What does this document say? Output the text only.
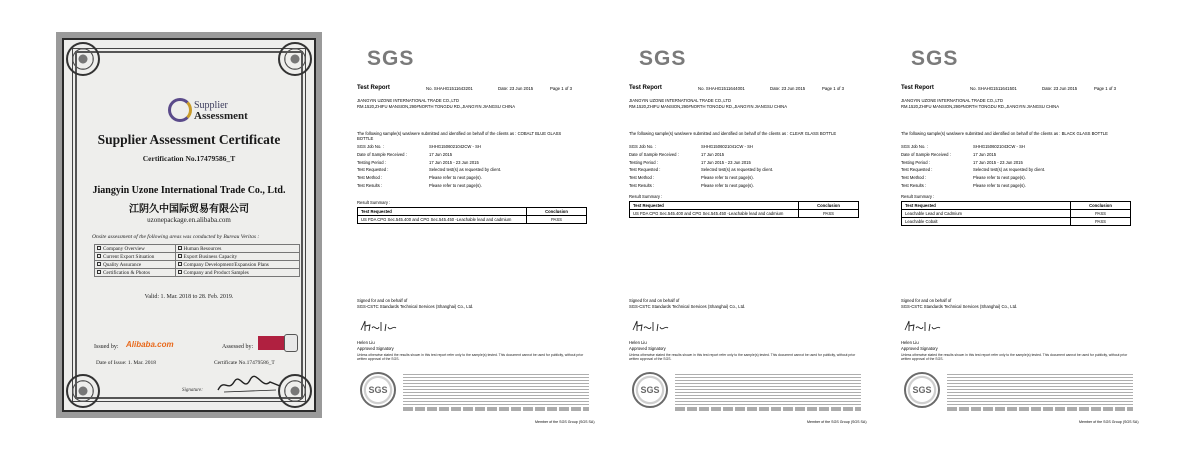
Supplier
Assessment
Supplier Assessment Certificate
Certification No.17479586_T
Jiangyin Uzone International Trade Co., Ltd.
江阴久中国际贸易有限公司
uzonepackage.en.alibaba.com
Onsite assessment of the following areas was conducted by Bureau Veritas :
Company Overview	Human Resources
Current Export Situation	Export Business Capacity
Quality Assurance	Company Development/Expansion Plans
Certification & Photos	Company and Product Samples
Valid: 1. Mar. 2018 to 28. Feb. 2019.
Issued by: Alibaba.com	Assessed by:
Date of Issue: 1. Mar. 2018	Certificate No.17479586_T
Signature:
SGS
Test Report	No. SHAHG1511643201	Date: 23 Jun 2015	Page 1 of 3
JIANGYIN UZONE INTERNATIONAL TRADE CO.,LTD
RM.1520,ZHIFU MANSION,290#NORTH TONGDU RD.,JIANGYIN JIANGSU CHINA
The following sample(s) was/were submitted and identified on behalf of the clients as : COBALT BLUE GLASS BOTTLE
SGS Job No. :	SHHG1506021042CW - SH
Date of Sample Received :	17 Jun 2015
Testing Period :	17 Jun 2015 - 23 Jun 2015
Test Requested :	Selected test(s) as requested by client.
Test Method :	Please refer to next page(s).
Test Results :	Please refer to next page(s).
Result Summary :
Test Requested	Conclusion
US FDA CPG Sec.545.400 and CPG Sec.545.450 -Leachable lead and cadmium	PASS
Signed for and on behalf of
SGS-CSTC Standards Technical Services (Shanghai) Co., Ltd.
Helen Liu
Approved Signatory
Unless otherwise stated the results shown in this test report refer only to the sample(s) tested. This document cannot be used for publicity, without prior written approval of the SGS.
SGS
Member of the SGS Group (SGS SA)
SGS
Test Report	No. SHAHG1511644001	Date: 23 Jun 2015	Page 1 of 3
JIANGYIN UZONE INTERNATIONAL TRADE CO.,LTD
RM.1520,ZHIFU MANSION,290#NORTH TONGDU RD.,JIANGYIN JIANGSU CHINA
The following sample(s) was/were submitted and identified on behalf of the clients as : CLEAR GLASS BOTTLE
SGS Job No. :	SHHG1506021041CW - SH
Date of Sample Received :	17 Jun 2015
Testing Period :	17 Jun 2015 - 23 Jun 2015
Test Requested :	Selected test(s) as requested by client.
Test Method :	Please refer to next page(s).
Test Results :	Please refer to next page(s).
Result Summary :
Test Requested	Conclusion
US FDA CPG Sec.545.400 and CPG Sec.545.450 -Leachable lead and cadmium	PASS
Signed for and on behalf of
SGS-CSTC Standards Technical Services (Shanghai) Co., Ltd.
Helen Liu
Approved Signatory
Unless otherwise stated the results shown in this test report refer only to the sample(s) tested. This document cannot be used for publicity, without prior written approval of the SGS.
SGS
Member of the SGS Group (SGS SA)
SGS
Test Report	No. SHAHG1511641501	Date: 23 Jun 2015	Page 1 of 3
JIANGYIN UZONE INTERNATIONAL TRADE CO.,LTD
RM.1520,ZHIFU MANSION,290#NORTH TONGDU RD.,JIANGYIN JIANGSU CHINA
The following sample(s) was/were submitted and identified on behalf of the clients as : BLACK GLASS BOTTLE
SGS Job No. :	SHHG1506021043CW - SH
Date of Sample Received :	17 Jun 2015
Testing Period :	17 Jun 2015 - 23 Jun 2015
Test Requested :	Selected test(s) as requested by client.
Test Method :	Please refer to next page(s).
Test Results :	Please refer to next page(s).
Result Summary :
Test Requested	Conclusion
Leachable Lead and Cadmium	PASS
Leachable Cobalt	PASS
Signed for and on behalf of
SGS-CSTC Standards Technical Services (Shanghai) Co., Ltd.
Helen Liu
Approved Signatory
Unless otherwise stated the results shown in this test report refer only to the sample(s) tested. This document cannot be used for publicity, without prior written approval of the SGS.
SGS
Member of the SGS Group (SGS SA)
